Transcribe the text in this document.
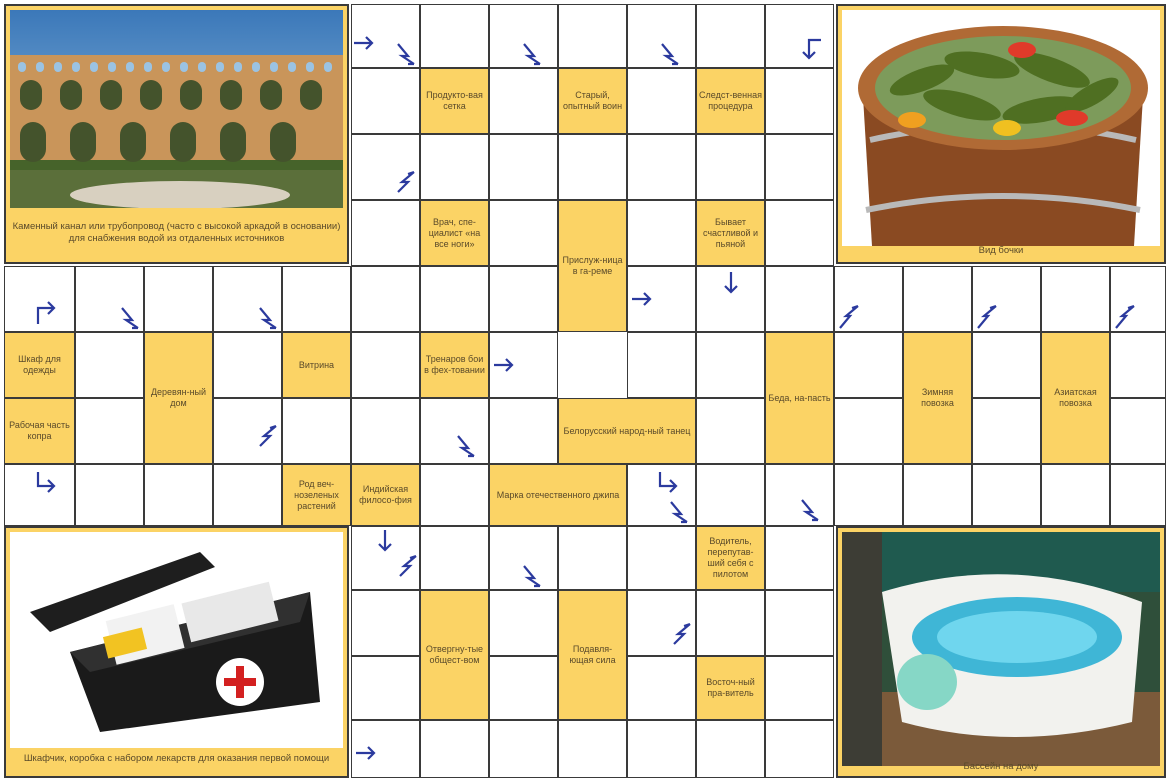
Каменный канал или трубопровод (часто с высокой аркадой в основании) для снабжения водой из отдаленных источников
Вид бочки
Шкафчик, коробка с набором лекарств для оказания первой помощи
Бассейн на дому
Продукто-вая сетка
Старый, опытный воин
Следст-венная процедура
Врач, спе-циалист «на все ноги»
Прислуж-ница в га-реме
Бывает счастливой и пьяной
Шкаф для одежды
Деревян-ный дом
Витрина
Тренаров бои в фех-товании
Беда, на-пасть
Зимняя повозка
Азиатская повозка
Рабочая часть копра
Белорусский народ-ный танец
Род веч-нозеленых растений
Индийская филосо-фия
Марка отечественного джипа
Водитель, перепутав-ший себя с пилотом
Отвергну-тые общест-вом
Подавля-ющая сила
Восточ-ный пра-витель
